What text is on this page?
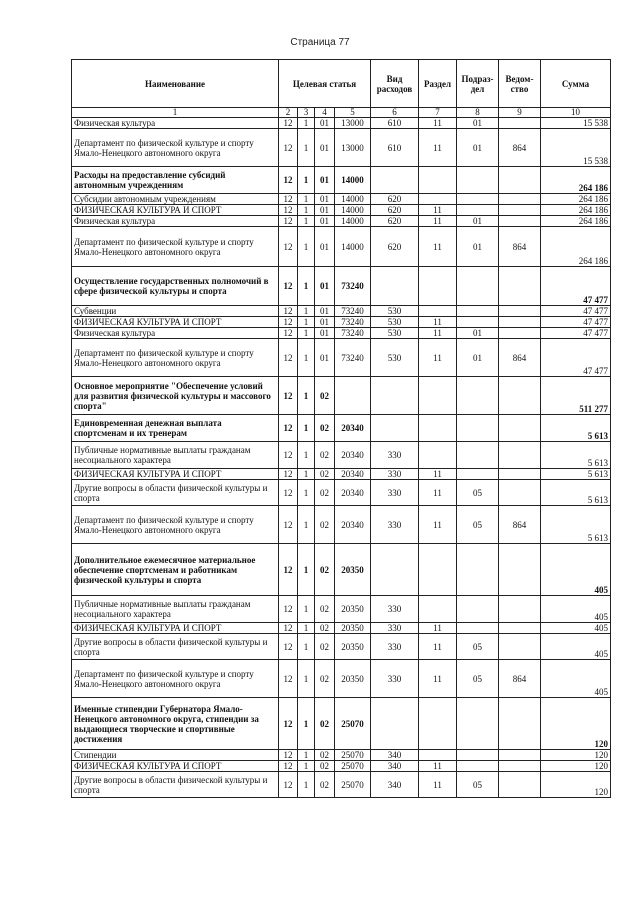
Страница 77
Наименование	Целевая статья				Вид расходов	Раздел	Подраз-дел	Ведом-ство	Сумма
1	2	3	4	5	6	7	8	9	10
Физическая культура	12	1	01	13000	610	11	01		15 538
Департамент по физической культуре и спорту Ямало-Ненецкого автономного округа	12	1	01	13000	610	11	01	864	15 538
Расходы на предоставление субсидий автономным учреждениям	12	1	01	14000					264 186
Субсидии автономным учреждениям	12	1	01	14000	620				264 186
ФИЗИЧЕСКАЯ КУЛЬТУРА И СПОРТ	12	1	01	14000	620	11			264 186
Физическая культура	12	1	01	14000	620	11	01		264 186
Департамент по физической культуре и спорту Ямало-Ненецкого автономного округа	12	1	01	14000	620	11	01	864	264 186
Осуществление государственных полномочий в сфере физической культуры и спорта	12	1	01	73240					47 477
Субвенции	12	1	01	73240	530				47 477
ФИЗИЧЕСКАЯ КУЛЬТУРА И СПОРТ	12	1	01	73240	530	11			47 477
Физическая культура	12	1	01	73240	530	11	01		47 477
Департамент по физической культуре и спорту Ямало-Ненецкого автономного округа	12	1	01	73240	530	11	01	864	47 477
Основное мероприятие "Обеспечение условий для развития физической культуры и массового спорта"	12	1	02						511 277
Единовременная денежная выплата спортсменам и их тренерам	12	1	02	20340					5 613
Публичные нормативные выплаты гражданам несоциального характера	12	1	02	20340	330				5 613
ФИЗИЧЕСКАЯ КУЛЬТУРА И СПОРТ	12	1	02	20340	330	11			5 613
Другие вопросы в области физической культуры и спорта	12	1	02	20340	330	11	05		5 613
Департамент по физической культуре и спорту Ямало-Ненецкого автономного округа	12	1	02	20340	330	11	05	864	5 613
Дополнительное ежемесячное материальное обеспечение спортсменам и работникам физической культуры и спорта	12	1	02	20350					405
Публичные нормативные выплаты гражданам несоциального характера	12	1	02	20350	330				405
ФИЗИЧЕСКАЯ КУЛЬТУРА И СПОРТ	12	1	02	20350	330	11			405
Другие вопросы в области физической культуры и спорта	12	1	02	20350	330	11	05		405
Департамент по физической культуре и спорту Ямало-Ненецкого автономного округа	12	1	02	20350	330	11	05	864	405
Именные стипендии Губернатора Ямало-Ненецкого автономного округа, стипендии за выдающиеся творческие и спортивные достижения	12	1	02	25070					120
Стипендии	12	1	02	25070	340				120
ФИЗИЧЕСКАЯ КУЛЬТУРА И СПОРТ	12	1	02	25070	340	11			120
Другие вопросы в области физической культуры и спорта	12	1	02	25070	340	11	05		120
